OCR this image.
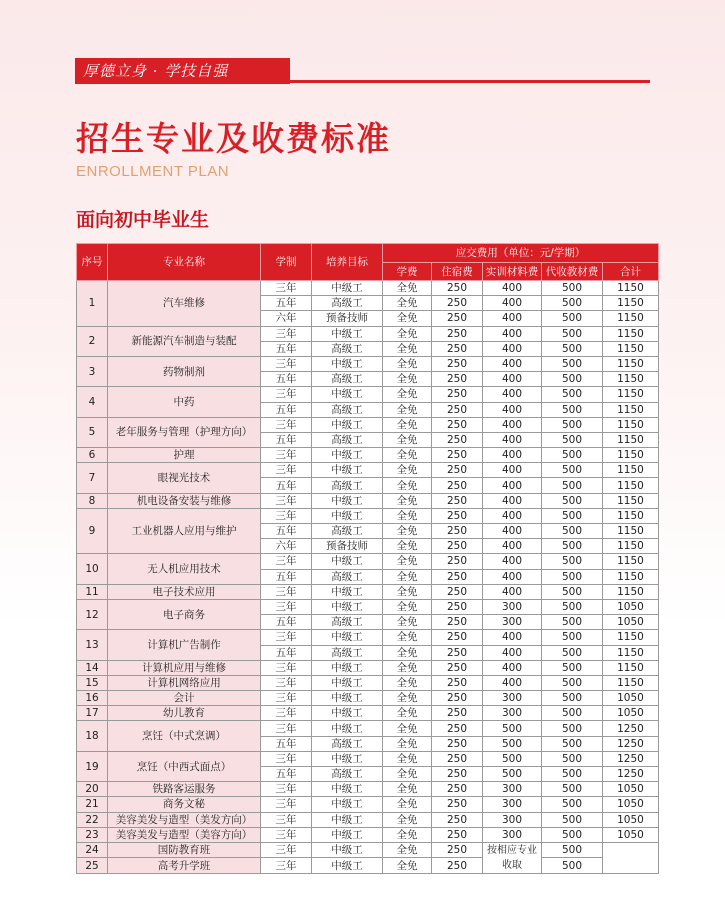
厚德立身 · 学技自强
招生专业及收费标准
ENROLLMENT PLAN
面向初中毕业生
序号	专业名称	学制	培养目标	应交费用（单位：元/学期）				
				学费	住宿费	实训材料费	代收教材费	合计
1	汽车维修	三年	中级工	全免	250	400	500	1150
		五年	高级工	全免	250	400	500	1150
		六年	预备技师	全免	250	400	500	1150
2	新能源汽车制造与装配	三年	中级工	全免	250	400	500	1150
		五年	高级工	全免	250	400	500	1150
3	药物制剂	三年	中级工	全免	250	400	500	1150
		五年	高级工	全免	250	400	500	1150
4	中药	三年	中级工	全免	250	400	500	1150
		五年	高级工	全免	250	400	500	1150
5	老年服务与管理（护理方向）	三年	中级工	全免	250	400	500	1150
		五年	高级工	全免	250	400	500	1150
6	护理	三年	中级工	全免	250	400	500	1150
7	眼视光技术	三年	中级工	全免	250	400	500	1150
		五年	高级工	全免	250	400	500	1150
8	机电设备安装与维修	三年	中级工	全免	250	400	500	1150
9	工业机器人应用与维护	三年	中级工	全免	250	400	500	1150
		五年	高级工	全免	250	400	500	1150
		六年	预备技师	全免	250	400	500	1150
10	无人机应用技术	三年	中级工	全免	250	400	500	1150
		五年	高级工	全免	250	400	500	1150
11	电子技术应用	三年	中级工	全免	250	400	500	1150
12	电子商务	三年	中级工	全免	250	300	500	1050
		五年	高级工	全免	250	300	500	1050
13	计算机广告制作	三年	中级工	全免	250	400	500	1150
		五年	高级工	全免	250	400	500	1150
14	计算机应用与维修	三年	中级工	全免	250	400	500	1150
15	计算机网络应用	三年	中级工	全免	250	400	500	1150
16	会计	三年	中级工	全免	250	300	500	1050
17	幼儿教育	三年	中级工	全免	250	300	500	1050
18	烹饪（中式烹调）	三年	中级工	全免	250	500	500	1250
		五年	高级工	全免	250	500	500	1250
19	烹饪（中西式面点）	三年	中级工	全免	250	500	500	1250
		五年	高级工	全免	250	500	500	1250
20	铁路客运服务	三年	中级工	全免	250	300	500	1050
21	商务文秘	三年	中级工	全免	250	300	500	1050
22	美容美发与造型（美发方向）	三年	中级工	全免	250	300	500	1050
23	美容美发与造型（美容方向）	三年	中级工	全免	250	300	500	1050
24	国防教育班	三年	中级工	全免	250	按相应专业收取	500	
25	高考升学班	三年	中级工	全免	250		500	
